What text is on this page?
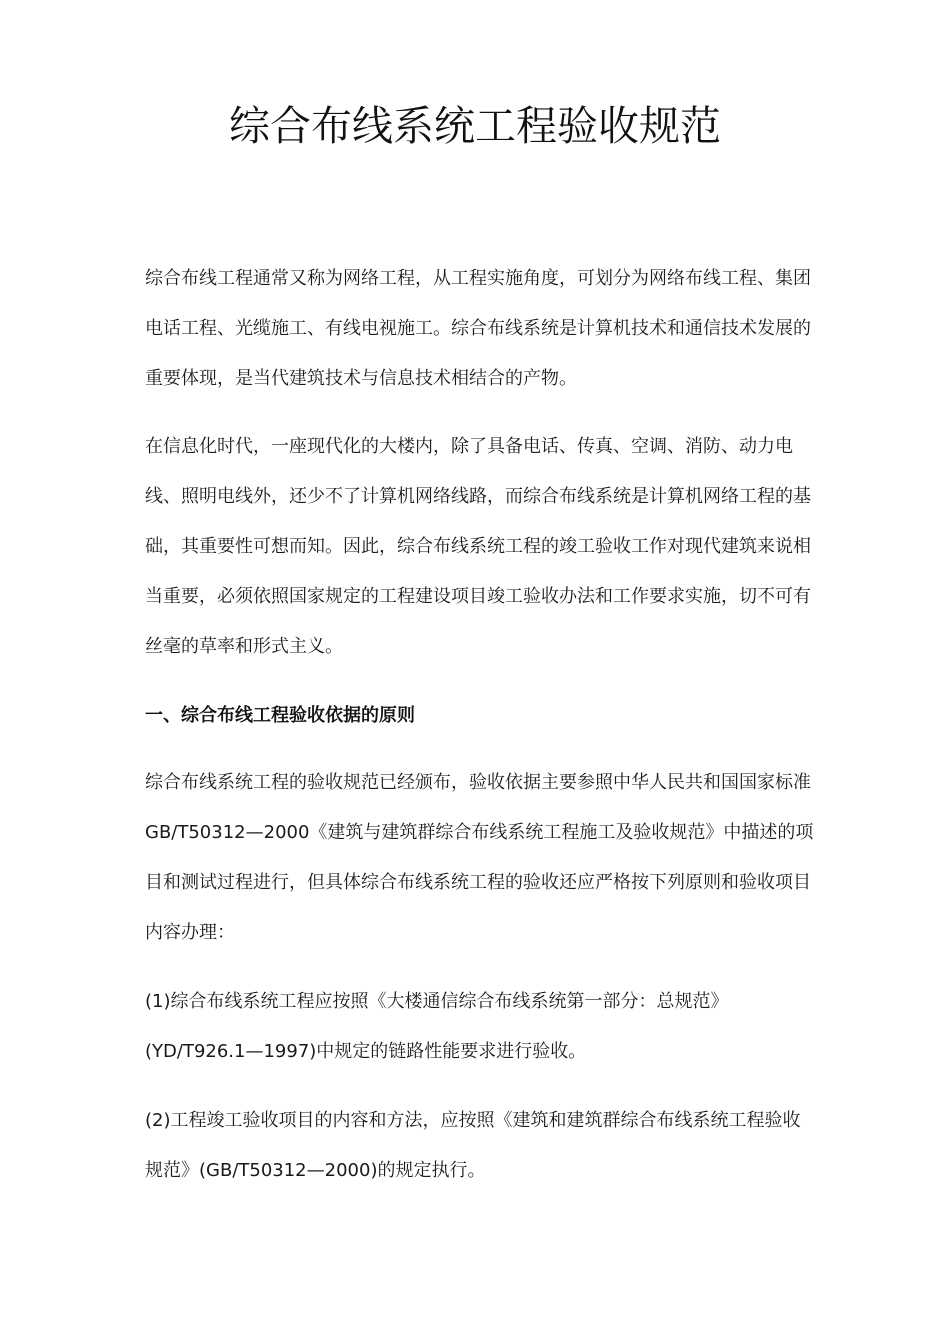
综合布线系统工程验收规范

综合布线工程通常又称为网络工程，从工程实施角度，可划分为网络布线工程、集团电话工程、光缆施工、有线电视施工。综合布线系统是计算机技术和通信技术发展的重要体现，是当代建筑技术与信息技术相结合的产物。

在信息化时代，一座现代化的大楼内，除了具备电话、传真、空调、消防、动力电线、照明电线外，还少不了计算机网络线路，而综合布线系统是计算机网络工程的基础，其重要性可想而知。因此，综合布线系统工程的竣工验收工作对现代建筑来说相当重要，必须依照国家规定的工程建设项目竣工验收办法和工作要求实施，切不可有丝毫的草率和形式主义。

一、综合布线工程验收依据的原则

综合布线系统工程的验收规范已经颁布，验收依据主要参照中华人民共和国国家标准 GB/T50312—2000《建筑与建筑群综合布线系统工程施工及验收规范》中描述的项目和测试过程进行，但具体综合布线系统工程的验收还应严格按下列原则和验收项目内容办理：

(1)综合布线系统工程应按照《大楼通信综合布线系统第一部分：总规范》(YD/T926.1—1997)中规定的链路性能要求进行验收。

(2)工程竣工验收项目的内容和方法，应按照《建筑和建筑群综合布线系统工程验收规范》(GB/T50312—2000)的规定执行。
